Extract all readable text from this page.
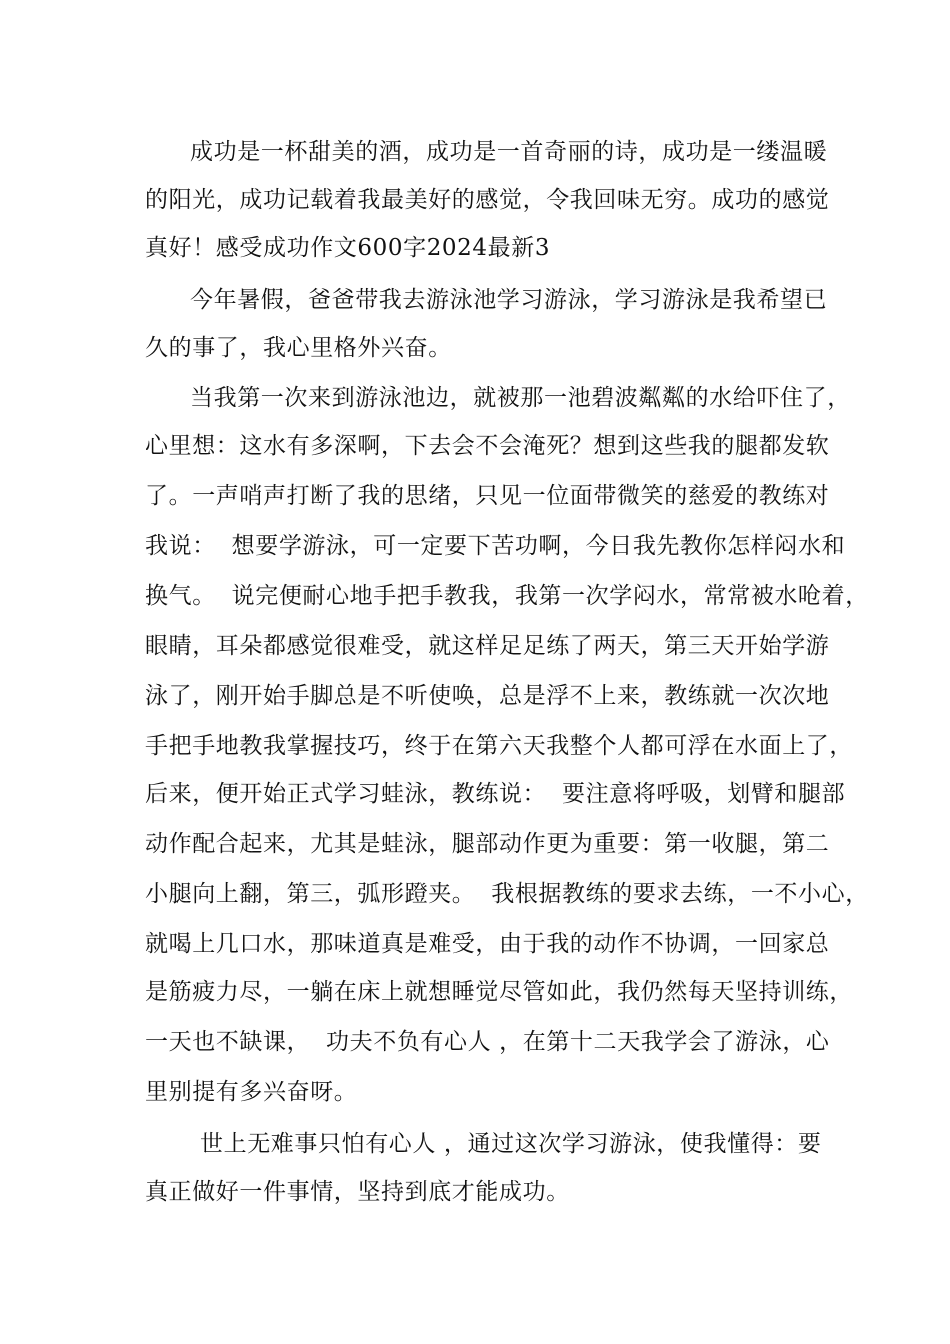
成功是一杯甜美的酒，成功是一首奇丽的诗，成功是一缕温暖

的阳光，成功记载着我最美好的感觉，令我回味无穷。成功的感觉

真好！感受成功作文600字2024最新3

今年暑假，爸爸带我去游泳池学习游泳，学习游泳是我希望已

久的事了，我心里格外兴奋。

当我第一次来到游泳池边，就被那一池碧波粼粼的水给吓住了，

心里想：这水有多深啊，下去会不会淹死？想到这些我的腿都发软

了。一声哨声打断了我的思绪，只见一位面带微笑的慈爱的教练对

我说：  想要学游泳，可一定要下苦功啊，今日我先教你怎样闷水和

换气。  说完便耐心地手把手教我，我第一次学闷水，常常被水呛着，

眼睛，耳朵都感觉很难受，就这样足足练了两天，第三天开始学游

泳了，刚开始手脚总是不听使唤，总是浮不上来，教练就一次次地

手把手地教我掌握技巧，终于在第六天我整个人都可浮在水面上了，

后来，便开始正式学习蛙泳，教练说：  要注意将呼吸，划臂和腿部

动作配合起来，尤其是蛙泳，腿部动作更为重要：第一收腿，第二

小腿向上翻，第三，弧形蹬夹。  我根据教练的要求去练，一不小心，

就喝上几口水，那味道真是难受，由于我的动作不协调，一回家总

是筋疲力尽，一躺在床上就想睡觉尽管如此，我仍然每天坚持训练，

一天也不缺课，  功夫不负有心人 ，在第十二天我学会了游泳，心

里别提有多兴奋呀。

世上无难事只怕有心人 ，通过这次学习游泳，使我懂得：要

真正做好一件事情，坚持到底才能成功。
